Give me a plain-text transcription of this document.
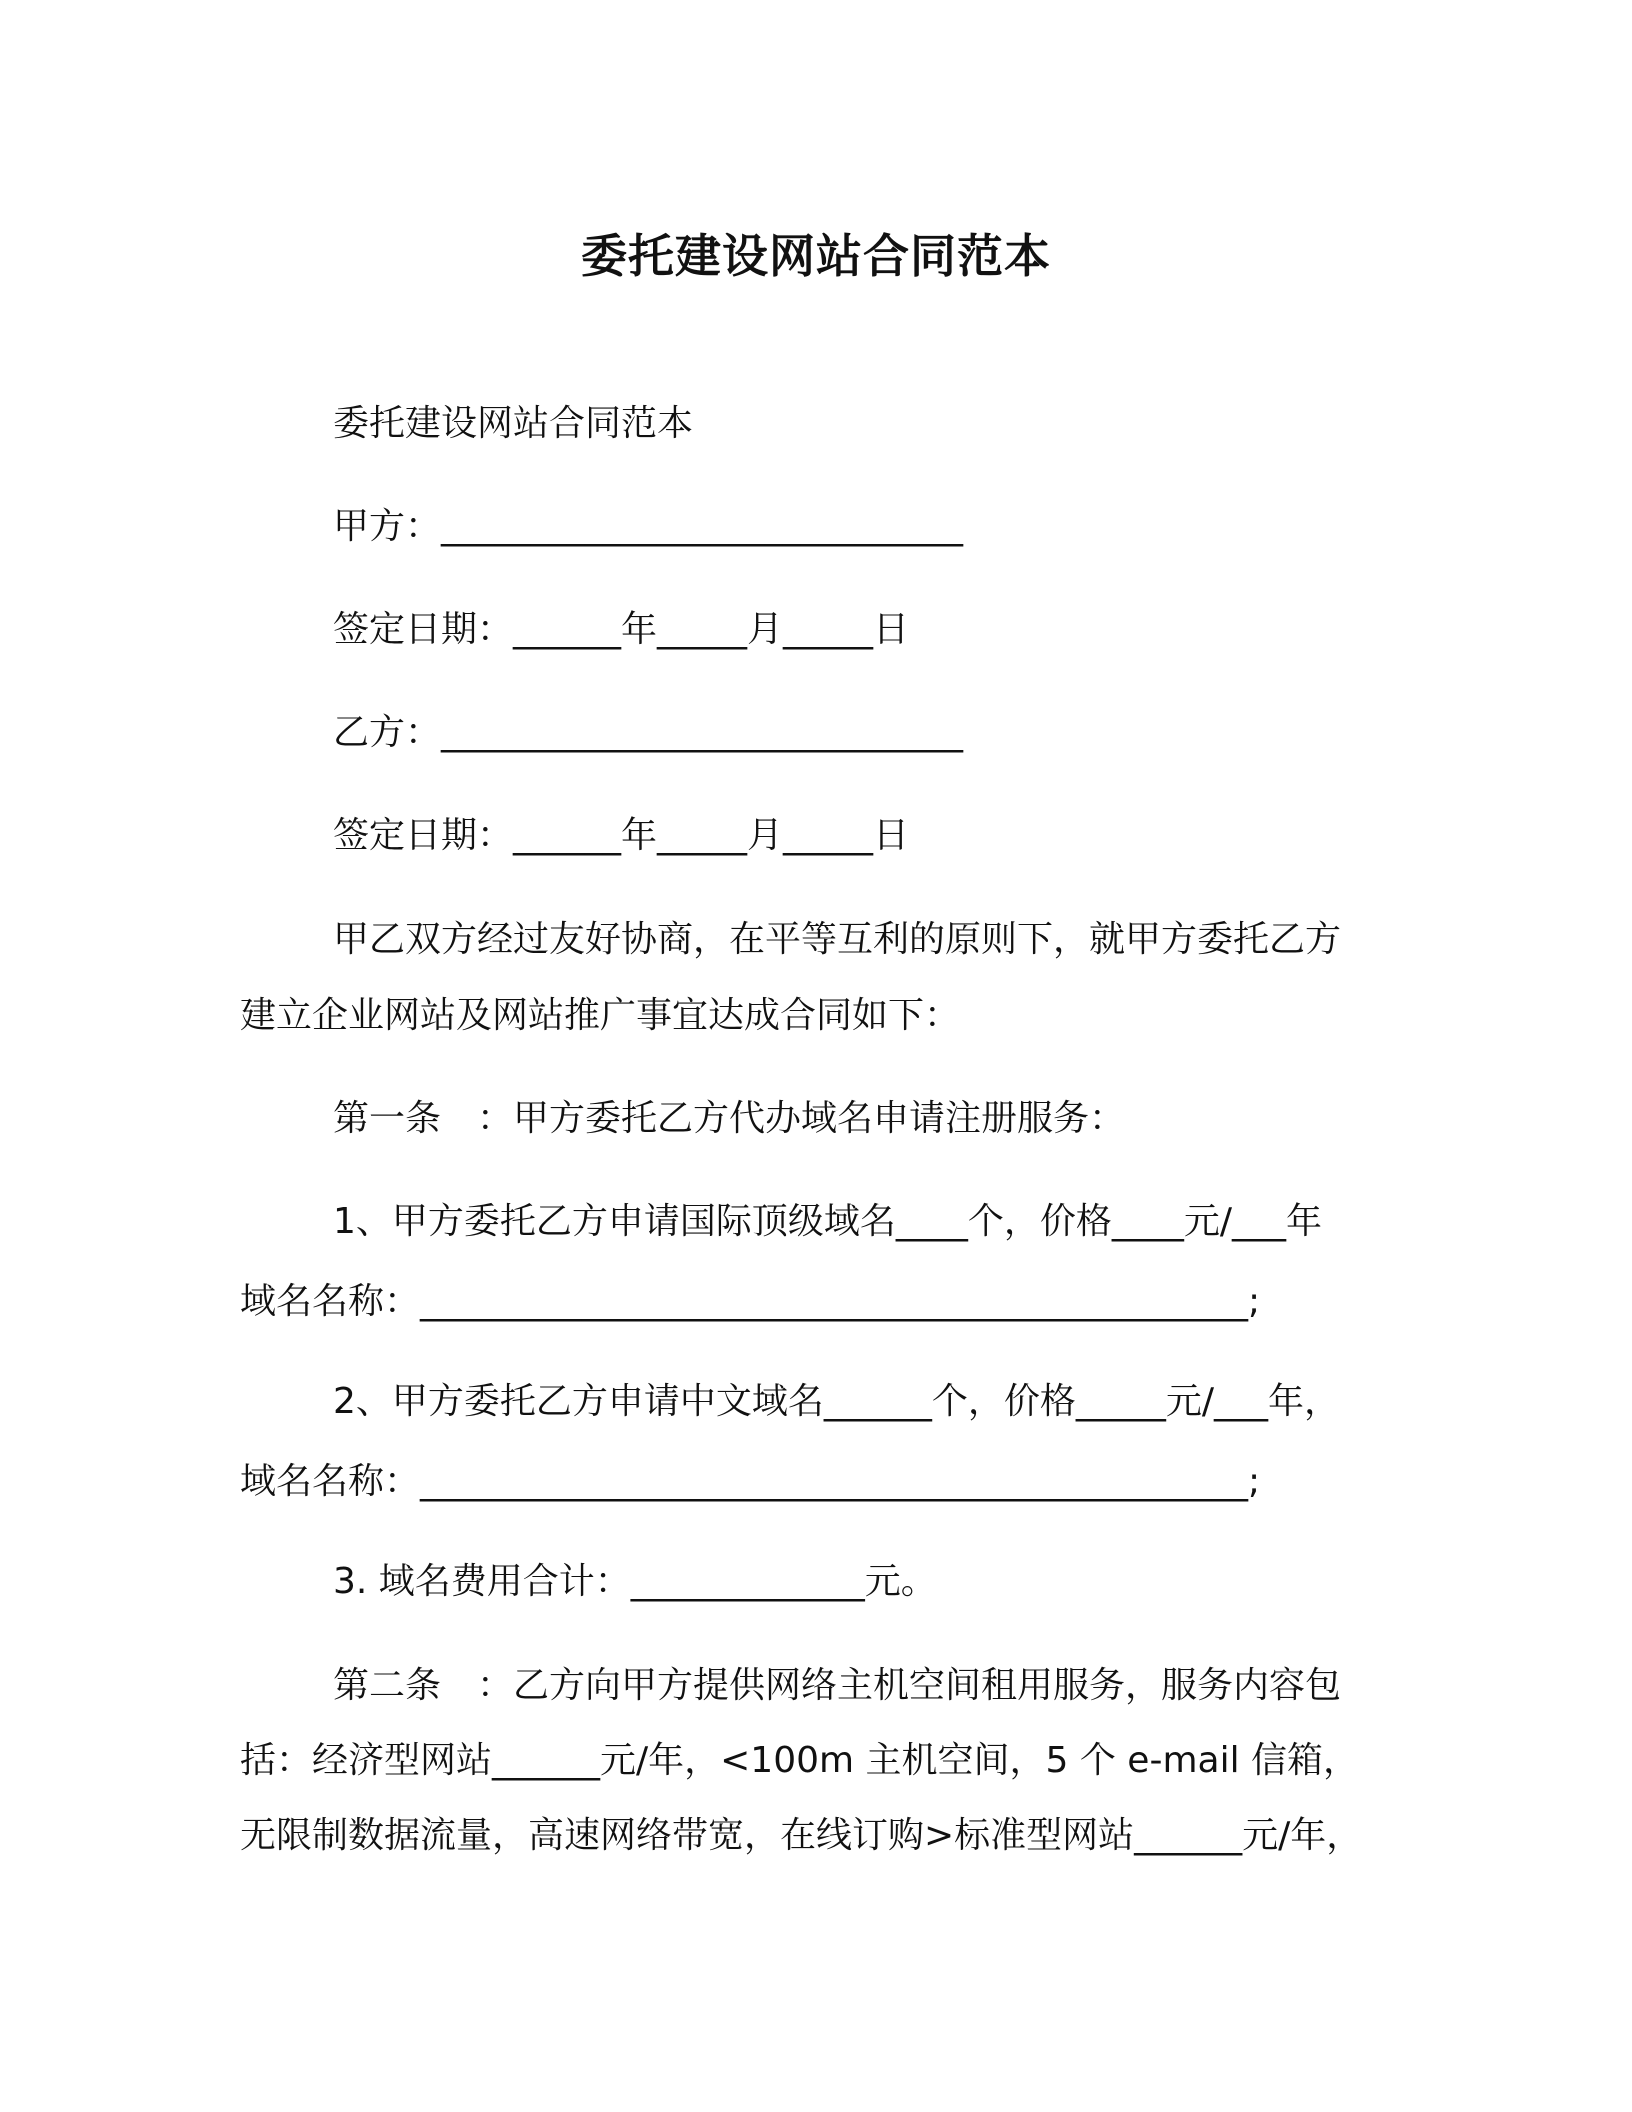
委托建设网站合同范本
委托建设网站合同范本
甲方：_____________________________
签定日期：______年_____月_____日
乙方：_____________________________
签定日期：______年_____月_____日
甲乙双方经过友好协商，在平等互利的原则下，就甲方委托乙方
建立企业网站及网站推广事宜达成合同如下：
第一条　：甲方委托乙方代办域名申请注册服务：
1、甲方委托乙方申请国际顶级域名____个，价格____元/___年
域名名称：______________________________________________;
2、甲方委托乙方申请中文域名______个，价格_____元/___年，
域名名称：______________________________________________;
3. 域名费用合计：_____________元。
第二条　：乙方向甲方提供网络主机空间租用服务，服务内容包
括：经济型网站______元/年，<100m 主机空间，5 个 e-mail 信箱，
无限制数据流量，高速网络带宽，在线订购>标准型网站______元/年，
